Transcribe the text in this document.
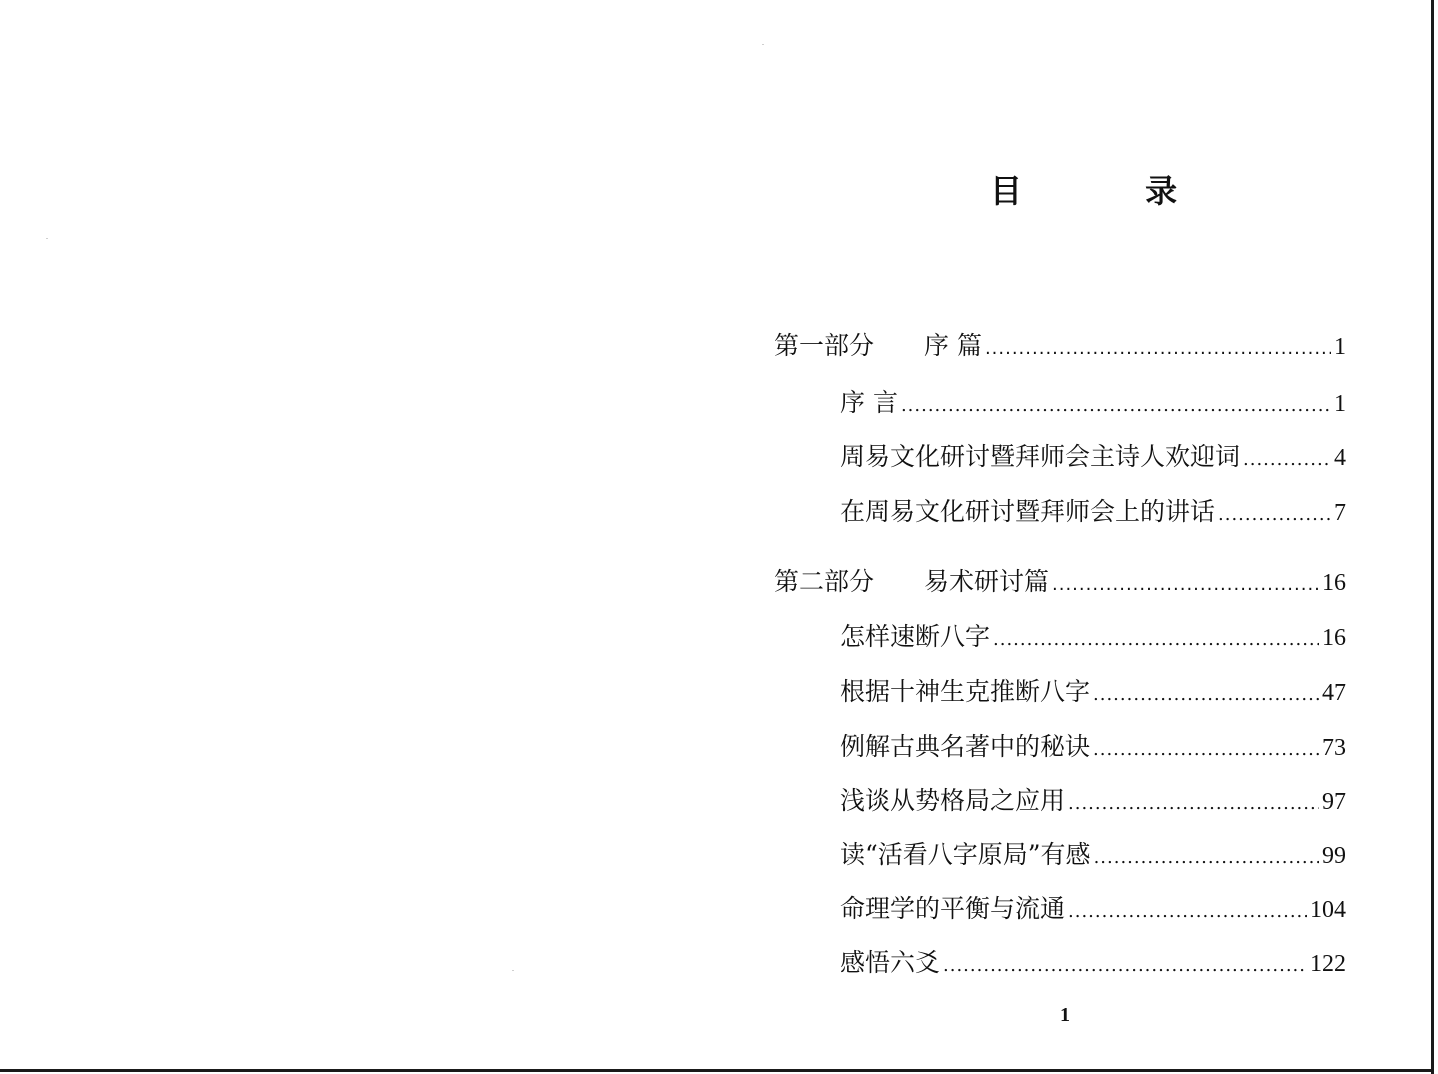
目 录
第一部分	序 篇 .....	1
序 言 .....	1
周易文化研讨暨拜师会主诗人欢迎词 .....	4
在周易文化研讨暨拜师会上的讲话 .....	7
第二部分	易术研讨篇 .....	16
怎样速断八字 .....	16
根据十神生克推断八字 .....	47
例解古典名著中的秘诀 .....	73
浅谈从势格局之应用 .....	97
读“活看八字原局”有感 .....	99
命理学的平衡与流通 .....	104
感悟六爻 .....	122
1
